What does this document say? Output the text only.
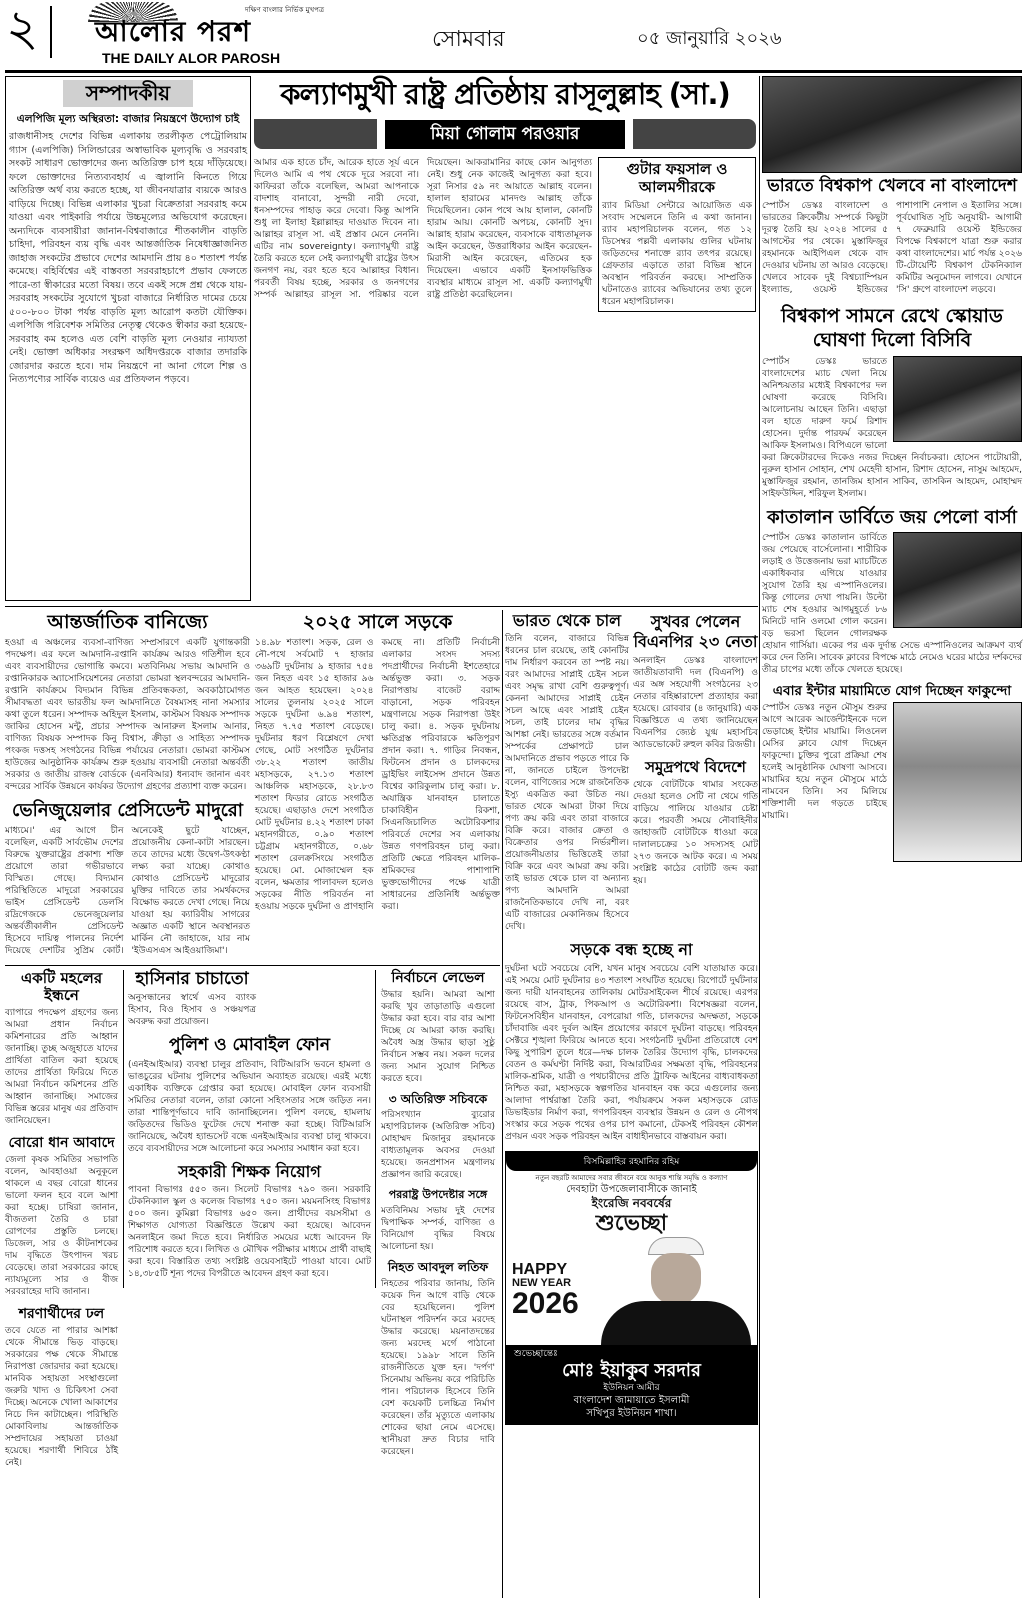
২	দক্ষিণ বাংলার নির্ভিক মুখপত্র
আলোর পরশ
THE DAILY ALOR PAROSH
সোমবার	০৫ জানুয়ারি ২০২৬
সম্পাদকীয়
এলপিজি মূল্য অস্থিরতা: বাজার নিয়ন্ত্রণে উদ্যোগ চাই
রাজধানীসহ দেশের বিভিন্ন এলাকায় তরলীকৃত পেট্রোলিয়াম গ্যাস (এলপিজি) সিলিন্ডারের অস্বাভাবিক মূল্যবৃদ্ধি ও সরবরাহ সংকট সাধারণ ভোক্তাদের জন্য অতিরিক্ত চাপ হয়ে দাঁড়িয়েছে। ফলে ভোক্তাদের নিত্যব্যবহার্য এ জ্বালানি কিনতে গিয়ে অতিরিক্ত অর্থ ব্যয় করতে হচ্ছে, যা জীবনযাত্রার ব্যয়কে আরও বাড়িয়ে দিচ্ছে। বিভিন্ন এলাকার খুচরা বিক্রেতারা সরবরাহ কমে যাওয়া এবং পাইকারি পর্যায়ে উচ্চমূল্যের অভিযোগ করেছেন। অন্যদিকে ব্যবসায়ীরা জানান-বিশ্ববাজারে শীতকালীন বাড়তি চাহিদা, পরিবহন ব্যয় বৃদ্ধি এবং আন্তর্জাতিক নিষেধাজ্ঞাজনিত জাহাজ সংকটের প্রভাবে দেশের আমদানি প্রায় ৪০ শতাংশ পর্যন্ত কমেছে। বহির্বিশ্বের এই বাস্তবতা সরবরাহচাপে প্রভাব ফেলতে পারে-তা স্বীকারের মতো বিষয়। তবে একই সঙ্গে প্রশ্ন থেকে যায়-সরবরাহ সংকটের সুযোগে খুচরা বাজারে নির্ধারিত দামের চেয়ে ৫০০-৮০০ টাকা পর্যন্ত বাড়তি মূল্য আরোপ কতটা যৌক্তিক। এলপিজি পরিবেশক সমিতির নেতৃত্ব থেকেও স্বীকার করা হয়েছে-সরবরাহ কম হলেও এত বেশি বাড়তি মূল্য নেওয়ার ন্যায্যতা নেই। ভোক্তা অধিকার সংরক্ষণ অধিদপ্তরকে বাজার তদারকি জোরদার করতে হবে। দাম নিয়ন্ত্রণে না আনা গেলে শিল্প ও নিত্যপণ্যের সার্বিক ব্যয়েও এর প্রতিফলন পড়বে।
কল্যাণমুখী রাষ্ট্র প্রতিষ্ঠায় রাসূলুল্লাহ (সা.)
মিয়া গোলাম পরওয়ার
আমার এক হাতে চাঁদ, আরেক হাতে সূর্য এনে দিলেও আমি এ পথ থেকে দূরে সরবো না। কাফিররা তাঁকে বলেছিল, আমরা আপনাকে বাদশাহ বানাবো, সুন্দরী নারী দেবো, ধনসম্পদের পাহাড় করে দেবো। কিন্তু আপনি শুধু লা ইলাহা ইল্লাল্লাহর দাওয়াত দিবেন না। আল্লাহর রাসূল সা. এই প্রস্তাব মেনে নেননি। এটির নাম sovereignty। কল্যাণমুখী রাষ্ট্র তৈরি করতে হলে সেই কল্যাণমুখী রাষ্ট্রের উৎস জনগণ নয়, বরং হতে হবে আল্লাহর বিধান। পরবর্তী বিষয় হচ্ছে, সরকার ও জনগণের সম্পর্ক আল্লাহর রাসূল সা. পরিষ্কার বলে দিয়েছেন। আকরামানির কাছে কোন আনুগত্য নেই। শুধু নেক কাজেই আনুগত্য করা হবে। সূরা নিসার ৫৯ নং আয়াতে আল্লাহ বলেন। হালাল হারামের মানদণ্ড আল্লাহ তাঁকে দিয়েছিলেন। কোন পথে আয় হালাল, কোনটি হারাম আয়। কোনটি অপচয়, কোনটি সুদ। আল্লাহ হারাম করেছেন, ব্যবসাকে বাধ্যতামূলক আইন করেছেন, উত্তরাধিকার আইন করেছেন-মিরাসী আইন করেছেন, এতিমের হক দিয়েছেন। এভাবে একটি ইনসাফভিত্তিক ব্যবস্থার মাধ্যমে রাসূল সা. একটি কল্যাণমুখী রাষ্ট্র প্রতিষ্ঠা করেছিলেন।
গুটার ফয়সাল ও আলমগীরকে
র‍্যাব মিডিয়া সেন্টারে আয়োজিত এক সংবাদ সম্মেলনে তিনি এ কথা জানান। র‍্যাব মহাপরিচালক বলেন, গত ১২ ডিসেম্বর পল্লবী এলাকায় গুলির ঘটনায় জড়িতদের শনাক্তে র‍্যাব তৎপর রয়েছে। গ্রেফতার এড়াতে তারা বিভিন্ন স্থানে অবস্থান পরিবর্তন করছে। সাম্প্রতিক ঘটনাতেও র‍্যাবের অভিযানের তথ্য তুলে ধরেন মহাপরিচালক।
ভারতে বিশ্বকাপ খেলবে না বাংলাদেশ
স্পোর্টস ডেস্কঃ বাংলাদেশ ও ভারতের ক্রিকেটীয় সম্পর্কে কিছুটা দূরত্ব তৈরি হয় ২০২৪ সালের ৫ আগস্টের পর থেকে। মুস্তাফিজুর রহমানকে আইপিএল থেকে বাদ দেওয়ার ঘটনায় তা আরও বেড়েছে। খেলবে সাবেক দুই বিশ্বচ্যাম্পিয়ন ইংল্যান্ড, ওয়েস্ট ইন্ডিজের পাশাপাশি নেপাল ও ইতালির সঙ্গে। পূর্বঘোষিত সূচি অনুযায়ী- আগামী ৭ ফেব্রুয়ারি ওয়েস্ট ইন্ডিজের বিপক্ষে বিশ্বকাপে যাত্রা শুরু করার কথা বাংলাদেশের। মার্চ পর্যন্ত ২০২৬ টি-টোয়েন্টি বিশ্বকাপ টেকনিক্যাল কমিটির অনুমোদন লাগবে। যেখানে 'সি' গ্রুপে বাংলাদেশ লড়বে।
বিশ্বকাপ সামনে রেখে স্কোয়াড ঘোষণা দিলো বিসিবি
স্পোর্টস ডেস্কঃ ভারতে বাংলাদেশের ম্যাচ খেলা নিয়ে অনিশ্চয়তার মধ্যেই বিশ্বকাপের দল ঘোষণা করেছে বিসিবি। আলোচনায় আছেন তিনি। এছাড়া বল হাতে দারুণ ফর্মে রিশাদ হোসেন। দুর্দান্ত পারফর্ম করেছেন আকিফ ইসলামও। বিপিএলে ভালো করা ক্রিকেটারদের দিকেও নজর দিচ্ছেন নির্বাচকরা। হোসেন পাটোয়ারী, নুরুল হাসান সোহান, শেখ মেহেদী হাসান, রিশাদ হোসেন, নাসুম আহমেদ, মুস্তাফিজুর রহমান, তানজিম হাসান সাকিব, তাসকিন আহমেদ, মোহাম্মদ সাইফউদ্দিন, শরিফুল ইসলাম।
কাতালান ডার্বিতে জয় পেলো বার্সা
স্পোর্টস ডেস্কঃ কাতালান ডার্বিতে জয় পেয়েছে বার্সেলোনা। শারীরিক লড়াই ও উত্তেজনায় ভরা ম্যাচটিতে একাধিকবার এগিয়ে যাওয়ার সুযোগ তৈরি হয় এস্পানিওলের। কিন্তু গোলের দেখা পায়নি। উল্টো ম্যাচ শেষ হওয়ার আগমুহূর্তে ৮৬ মিনিটে দানি ওলমো গোল করেন। বড় ভরসা ছিলেন গোলরক্ষক হোয়ান গার্সিয়া। একের পর এক দুর্দান্ত সেভে এস্পানিওলের আক্রমণ ব্যর্থ করে দেন তিনি। সাবেক ক্লাবের বিপক্ষে মাঠে নেমেও ঘরের মাঠের দর্শকদের তীব্র চাপের মধ্যে তাঁকে খেলতে হয়েছে।
এবার ইন্টার মায়ামিতে যোগ দিচ্ছেন ফাকুন্দো
স্পোর্টস ডেস্কঃ নতুন মৌসুম শুরুর আগে আরেক আর্জেন্টাইনকে দলে ভেড়াচ্ছে ইন্টার মায়ামি। লিওনেল মেসির ক্লাবে যোগ দিচ্ছেন ফাকুন্দো। চুক্তির পুরো প্রক্রিয়া শেষ হলেই আনুষ্ঠানিক ঘোষণা আসবে। মায়ামির হয়ে নতুন মৌসুমে মাঠে নামবেন তিনি। সব মিলিয়ে শক্তিশালী দল গড়তে চাইছে মায়ামি।
আন্তর্জাতিক বানিজ্যে
হওয়া এ অঞ্চলের ব্যবসা-বাণিজ্য সম্প্রসারণে একটি যুগান্তকারী পদক্ষেপ। এর ফলে আমদানি-রপ্তানি কার্যক্রম আরও গতিশীল হবে এবং ব্যবসায়ীদের ভোগান্তি কমবে। মতবিনিময় সভায় আমদানি ও রপ্তানিকারক অ্যাসোসিয়েশনের নেতারা ভোমরা স্থলবন্দরের আমদানি-রপ্তানি কার্যক্রমে বিদ্যমান বিভিন্ন প্রতিবন্ধকতা, অবকাঠামোগত সীমাবদ্ধতা এবং ভারতীয় ফল আমদানিতে বৈষম্যসহ নানা সমস্যার কথা তুলে ধরেন। সম্পাদক অহিদুল ইসলাম, কাস্টমস বিষয়ক সম্পাদক জাকির হোসেন মন্টু, প্রচার সম্পাদক আনারুল ইসলাম আনার, বাণিজ্য বিষয়ক সম্পাদক কিনু বিশ্বাস, ক্রীড়া ও সাহিত্য সম্পাদক পংকজ দত্তসহ সংগঠনের বিভিন্ন পর্যায়ের নেতারা। ভোমরা কাস্টমস হাউজের আনুষ্ঠানিক কার্যক্রম শুরু হওয়ায় ব্যবসায়ী নেতারা অন্তর্বর্তী সরকার ও জাতীয় রাজস্ব বোর্ডকে (এনবিআর) ধন্যবাদ জানান এবং বন্দরের সার্বিক উন্নয়নে কার্যকর উদ্যোগ গ্রহণের প্রত্যাশা ব্যক্ত করেন।
ভেনিজুয়েলার প্রেসিডেন্ট মাদুরো
মাধ্যমে।' এর আগে চীন বলেছিল, একটি সার্বভৌম দেশের বিরুদ্ধে যুক্তরাষ্ট্রের প্রকাশ্য শক্তি প্রয়োগে তারা গভীরভাবে বিস্মিত। গেছে। বিদ্যমান পরিস্থিতিতে মাদুরো সরকারের ভাইস প্রেসিডেন্ট ডেলসি রদ্রিগেজকে ভেনেজুয়েলার অন্তর্বর্তীকালীন প্রেসিডেন্ট হিসেবে দায়িত্ব পালনের নির্দেশ দিয়েছে দেশটির সুপ্রিম কোর্ট। অনেকেই ছুটে যাচ্ছেন, প্রয়োজনীয় কেনা-কাটা সারছেন। তবে তাদের মধ্যে উদ্বেগ-উৎকণ্ঠা লক্ষ্য করা যাচ্ছে। কোথাও কোথাও প্রেসিডেন্ট মাদুরোর মুক্তির দাবিতে তার সমর্থকদের বিক্ষোভ করতে দেখা গেছে। নিয়ে যাওয়া হয় ক্যারিবীয় সাগরের অজ্ঞাত একটি স্থানে অবস্থানরত মার্কিন নৌ জাহাজে, যার নাম 'ইউএসএস আইওয়াজিমা'।
২০২৫ সালে সড়কে
১৪.৯৮ শতাংশ। সড়ক, রেল ও নৌ-পথে সর্বমোট ৭ হাজার ৩৬৯টি দুর্ঘটনায় ৯ হাজার ৭৫৪ জন নিহত এবং ১৫ হাজার ৯৬ জন আহত হয়েছেন। ২০২৪ সালের তুলনায় ২০২৫ সালে সড়কে দুর্ঘটনা ৬.৯৪ শতাংশ, নিহত ৭.৭৫ শতাংশ বেড়েছে। দুর্ঘটনার ধরণ বিশ্লেষণে দেখা গেছে, মোট সংগঠিত দুর্ঘটনার ৩৮.২২ শতাংশ জাতীয় মহাসড়কে, ২৭.১৩ শতাংশ আঞ্চলিক মহাসড়কে, ২৮.৮৩ শতাংশ ফিডার রোডে সংগঠিত হয়েছে। এছাড়াও দেশে সংগঠিত মোট দুর্ঘটনার ৪.২২ শতাংশ ঢাকা মহানগরীতে, ০.৯০ শতাংশ চট্টগ্রাম মহানগরীতে, ০.৬৮ শতাংশ রেলক্রসিংয়ে সংগঠিত হয়েছে। মো. মোজাম্মেল হক বলেন, ক্ষমতার পালাবদল হলেও সড়কের নীতি পরিবর্তন না হওয়ায় সড়কে দুর্ঘটনা ও প্রাণহানি কমছে না। প্রতিটি নির্বাচনী এলাকার সংসদ সদস্য পদপ্রার্থীদের নির্বাচনী ইশতেহারে অর্ন্তভুক্ত করা। ৩. সড়ক নিরাপত্তায় বাজেট বরাদ্দ বাড়ানো, সড়ক পরিবহন মন্ত্রণালয়ে সড়ক নিরাপত্তা উইং চালু করা। ৪. সড়ক দুর্ঘটনায় ক্ষতিগ্রস্ত পরিবারকে ক্ষতিপূরণ প্রদান করা। ৭. গাড়ির নিবন্ধন, ফিটনেস প্রদান ও চালকদের ড্রাইভিং লাইসেন্স প্রদানে উন্নত বিশ্বের কারিকুলাম চালু করা। ৮. অযান্ত্রিক যানবাহন চালাতে চাকাবিহীন রিকশা, সিএনজিচালিত অটোরিকশার পরিবর্তে দেশের সব এলাকায় উন্নত গণপরিবহন চালু করা। প্রতিটি ক্ষেত্রে পরিবহন মালিক-শ্রমিকদের পাশাপাশি ভুক্তভোগীদের পক্ষে যাত্রী সাধারনের প্রতিনিধি অর্ন্তভুক্ত করা।
একটি মহলের ইন্ধনে
ব্যাপারে পদক্ষেপ গ্রহণের জন্য আমরা প্রধান নির্বাচন কমিশনারের প্রতি আহ্বান জানাচ্ছি। তুচ্ছ অজুহাতে যাদের প্রার্থিতা বাতিল করা হয়েছে তাদের প্রার্থিতা ফিরিয়ে দিতে আমরা নির্বাচন কমিশনের প্রতি আহ্বান জানাচ্ছি। সমাজের বিভিন্ন স্তরের মানুষ এর প্রতিবাদ জানিয়েছেন।
বোরো ধান আবাদে
জেলা কৃষক সমিতির সভাপতি বলেন, আবহাওয়া অনুকূলে থাকলে এ বছর বোরো ধানের ভালো ফলন হবে বলে আশা করা হচ্ছে। চাষিরা জানান, বীজতলা তৈরি ও চারা রোপণের প্রস্তুতি চলছে। ডিজেল, সার ও কীটনাশকের দাম বৃদ্ধিতে উৎপাদন খরচ বেড়েছে। তারা সরকারের কাছে ন্যায্যমূল্যে সার ও বীজ সরবরাহের দাবি জানান।
শরণার্থীদের ঢল
তবে যেতে না পারার আশঙ্কা থেকে সীমান্তে ভিড় বাড়ছে। সরকারের পক্ষ থেকে সীমান্তে নিরাপত্তা জোরদার করা হয়েছে। মানবিক সহায়তা সংস্থাগুলো জরুরি খাদ্য ও চিকিৎসা সেবা দিচ্ছে। অনেকে খোলা আকাশের নিচে দিন কাটাচ্ছেন। পরিস্থিতি মোকাবিলায় আন্তর্জাতিক সম্প্রদায়ের সহায়তা চাওয়া হয়েছে। শরণার্থী শিবিরে ঠাঁই নেই।
হাসিনার চাচাতো
অনুসন্ধানের স্বার্থে এসব ব্যাংক হিসাব, বিও হিসাব ও সঞ্চয়পত্র অবরুদ্ধ করা প্রয়োজন।
পুলিশ ও মোবাইল ফোন
(এনইআইআর) ব্যবস্থা চালুর প্রতিবাদ, বিটিআরসি ভবনে হামলা ও ভাঙচুরের ঘটনায় পুলিশের অভিযান অব্যাহত রয়েছে। এরই মধ্যে একাধিক ব্যক্তিকে গ্রেপ্তার করা হয়েছে। মোবাইল ফোন ব্যবসায়ী সমিতির নেতারা বলেন, তারা কোনো সহিংসতার সঙ্গে জড়িত নন। তারা শান্তিপূর্ণভাবে দাবি জানাচ্ছিলেন। পুলিশ বলছে, হামলায় জড়িতদের ভিডিও ফুটেজ দেখে শনাক্ত করা হচ্ছে। বিটিআরসি জানিয়েছে, অবৈধ হ্যান্ডসেট বন্ধে এনইআইআর ব্যবস্থা চালু থাকবে। তবে ব্যবসায়ীদের সঙ্গে আলোচনা করে সমস্যার সমাধান করা হবে।
সহকারী শিক্ষক নিয়োগ
পাবনা বিভাগঃ ৫৫০ জন। সিলেট বিভাগঃ ৭৯০ জন। সরকারি টেকনিক্যাল স্কুল ও কলেজ বিভাগঃ ৭৫০ জন। ময়মনসিংহ বিভাগঃ ৫০০ জন। কুমিল্লা বিভাগঃ ৬৫০ জন। প্রার্থীদের বয়সসীমা ও শিক্ষাগত যোগ্যতা বিজ্ঞপ্তিতে উল্লেখ করা হয়েছে। আবেদন অনলাইনে জমা দিতে হবে। নির্ধারিত সময়ের মধ্যে আবেদন ফি পরিশোধ করতে হবে। লিখিত ও মৌখিক পরীক্ষার মাধ্যমে প্রার্থী বাছাই করা হবে। বিস্তারিত তথ্য সংশ্লিষ্ট ওয়েবসাইটে পাওয়া যাবে। মোট ১৪,৩৮৫টি শূন্য পদের বিপরীতে আবেদন গ্রহণ করা হবে।
নির্বাচনে লেভেল
উদ্ধার হয়নি। আমরা আশা করছি খুব তাড়াতাড়ি এগুলো উদ্ধার করা হবে। বার বার আশা দিচ্ছে যে আমরা কাজ করছি। অবৈধ অস্ত্র উদ্ধার ছাড়া সুষ্ঠু নির্বাচন সম্ভব নয়। সকল দলের জন্য সমান সুযোগ নিশ্চিত করতে হবে।
৩ অতিরিক্ত সচিবকে
পরিসংখ্যান ব্যুরোর মহাপরিচালক (অতিরিক্ত সচিব) মোহাম্মদ মিজানুর রহমানকে বাধ্যতামূলক অবসর দেওয়া হয়েছে। জনপ্রশাসন মন্ত্রণালয় প্রজ্ঞাপন জারি করেছে।
পররাষ্ট্র উপদেষ্টার সঙ্গে
মতবিনিময় সভায় দুই দেশের দ্বিপাক্ষিক সম্পর্ক, বাণিজ্য ও বিনিয়োগ বৃদ্ধির বিষয়ে আলোচনা হয়।
নিহত আবদুল লতিফ
নিহতের পরিবার জানায়, তিনি কয়েক দিন আগে বাড়ি থেকে বের হয়েছিলেন। পুলিশ ঘটনাস্থল পরিদর্শন করে মরদেহ উদ্ধার করেছে। ময়নাতদন্তের জন্য মরদেহ মর্গে পাঠানো হয়েছে। ১৯৯৮ সালে তিনি রাজনীতিতে যুক্ত হন। 'দর্পণ' সিনেমায় অভিনয় করে পরিচিতি পান। পরিচালক হিসেবে তিনি বেশ কয়েকটি চলচ্চিত্র নির্মাণ করেছেন। তাঁর মৃত্যুতে এলাকায় শোকের ছায়া নেমে এসেছে। স্থানীয়রা দ্রুত বিচার দাবি করেছেন।
ভারত থেকে চাল
তিনি বলেন, বাজারে বিভিন্ন ধরনের চাল রয়েছে, তাই কোনটির দাম নির্ধারণ করবেন তা স্পষ্ট নয়। বরং আমাদের সাপ্লাই চেইন সচল এবং সমৃদ্ধ রাখা বেশি গুরুত্বপূর্ণ। কেননা আমাদের সাপ্লাই চেইন সচল আছে এবং সাপ্লাই চেইন সচল, তাই চালের দাম বৃদ্ধির আশঙ্কা নেই। ভারতের সঙ্গে বর্তমান সম্পর্কের প্রেক্ষাপটে চাল আমদানিতে প্রভাব পড়তে পারে কি না, জানতে চাইলে উপদেষ্টা বলেন, বাণিজ্যের সঙ্গে রাজনৈতিক ইস্যু একত্রিত করা উচিত নয়। ভারত থেকে আমরা টাকা দিয়ে পণ্য ক্রয় করি এবং তারা বাজারে বিক্রি করে। বাজার ক্রেতা ও বিক্রেতার ওপর নির্ভরশীল। প্রয়োজনীয়তার ভিত্তিতেই তারা বিক্রি করে এবং আমরা ক্রয় করি। তাই ভারত থেকে চাল বা অন্যান্য পণ্য আমদানি আমরা রাজনৈতিকভাবে দেখি না, বরং এটি বাজারের মেকানিজম হিসেবে দেখি।
সুখবর পেলেন বিএনপির ২৩ নেতা
অনলাইন ডেস্কঃ বাংলাদেশ জাতীয়তাবাদী দল (বিএনপি) ও এর অঙ্গ সহযোগী সংগঠনের ২৩ নেতার বহিষ্কারাদেশ প্রত্যাহার করা হয়েছে। রোববার (৪ জানুয়ারি) এক বিজ্ঞপ্তিতে এ তথ্য জানিয়েছেন বিএনপির জ্যেষ্ঠ যুগ্ম মহাসচিব অ্যাডভোকেট রুহুল কবির রিজভী।
সমুদ্রপথে বিদেশে
থেকে বোটটিকে থামার সংকেত দেওয়া হলেও সেটি না থেমে গতি বাড়িয়ে পালিয়ে যাওয়ার চেষ্টা করে। পরবর্তী সময়ে নৌবাহিনীর জাহাজটি বোটটিকে ধাওয়া করে দালালচক্রের ১০ সদস্যসহ মোট ২৭৩ জনকে আটক করে। এ সময় সংশ্লিষ্ট কাঠের বোটটি জব্দ করা হয়।
সড়কে বন্ধ হচ্ছে না
দুর্ঘটনা ঘটে সবচেয়ে বেশি, যখন মানুষ সবচেয়ে বেশি যাতায়াত করে। এই সময়ে মোট দুর্ঘটনার ৪৩ শতাংশ সংঘটিত হয়েছে। রিপোর্টে দুর্ঘটনার জন্য দায়ী যানবাহনের তালিকায় মোটরসাইকেল শীর্ষে রয়েছে। এরপর রয়েছে বাস, ট্রাক, পিকআপ ও অটোরিকশা। বিশেষজ্ঞরা বলেন, ফিটনেসবিহীন যানবাহন, বেপরোয়া গতি, চালকদের অদক্ষতা, সড়কে চাঁদাবাজি এবং দুর্বল আইন প্রয়োগের কারণে দুর্ঘটনা বাড়ছে। পরিবহন সেক্টরে শৃঙ্খলা ফিরিয়ে আনতে হবে। সংগঠনটি দুর্ঘটনা প্রতিরোধে বেশ কিছু সুপারিশ তুলে ধরে—দক্ষ চালক তৈরির উদ্যোগ বৃদ্ধি, চালকদের বেতন ও কর্মঘণ্টা নির্দিষ্ট করা, বিআরটিএর সক্ষমতা বৃদ্ধি, পরিবহনের মালিক-শ্রমিক, যাত্রী ও পথচারীদের প্রতি ট্রাফিক আইনের বাধ্যবাধকতা নিশ্চিত করা, মহাসড়কে স্বল্পগতির যানবাহন বন্ধ করে এগুলোর জন্য আলাদা পার্শ্বরাস্তা তৈরি করা, পর্যায়ক্রমে সকল মহাসড়কে রোড ডিভাইডার নির্মাণ করা, গণপরিবহন ব্যবস্থার উন্নয়ন ও রেল ও নৌপথ সংস্কার করে সড়ক পথের ওপর চাপ কমানো, টেকসই পরিবহন কৌশল প্রণয়ন এবং সড়ক পরিবহন আইন বাধাহীনভাবে বাস্তবায়ন করা।
বিসমিল্লাহির রহমানির রহিম
নতুন বছরটি আমাদের সবার জীবনে বয়ে আনুক শান্তি সমৃদ্ধি ও কল্যাণ
দেবহাটা উপজেলাবাসীকে জানাই
ইংরেজি নববর্ষের
শুভেচ্ছা
HAPPY
NEW YEAR
2026
শুভেচ্ছান্তেঃ
মোঃ ইয়াকুব সরদার
ইউনিয়ন আমীর
বাংলাদেশ জামায়াতে ইসলামী
সখিপুর ইউনিয়ন শাখা।
